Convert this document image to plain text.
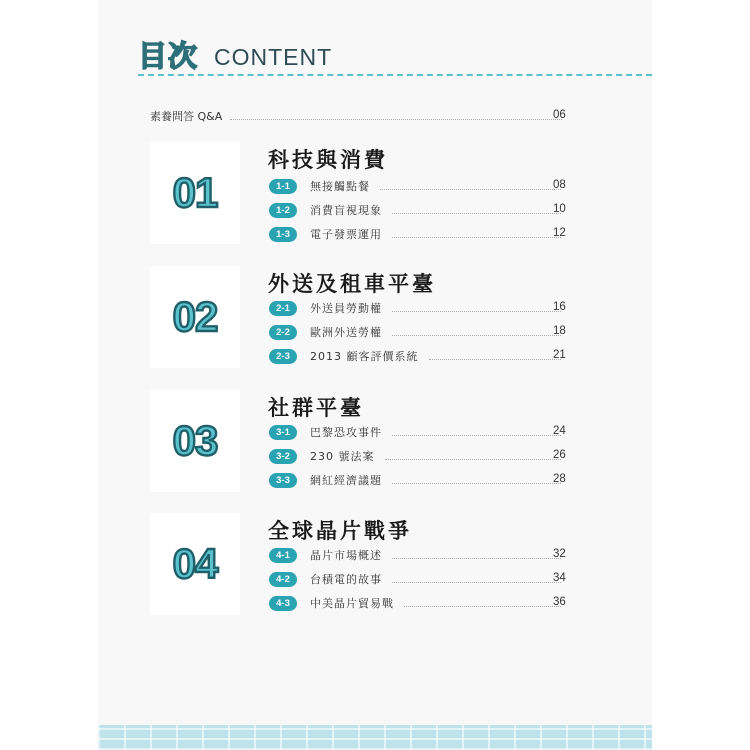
目次 CONTENT
素養問答 Q&A	06
01
科技與消費
1-1	無接觸點餐	08
1-2	消費盲視現象	10
1-3	電子發票運用	12
02
外送及租車平臺
2-1	外送員勞動權	16
2-2	歐洲外送勞權	18
2-3	2013 顧客評價系統	21
03
社群平臺
3-1	巴黎恐攻事件	24
3-2	230 號法案	26
3-3	網紅經濟議題	28
04
全球晶片戰爭
4-1	晶片市場概述	32
4-2	台積電的故事	34
4-3	中美晶片貿易戰	36
